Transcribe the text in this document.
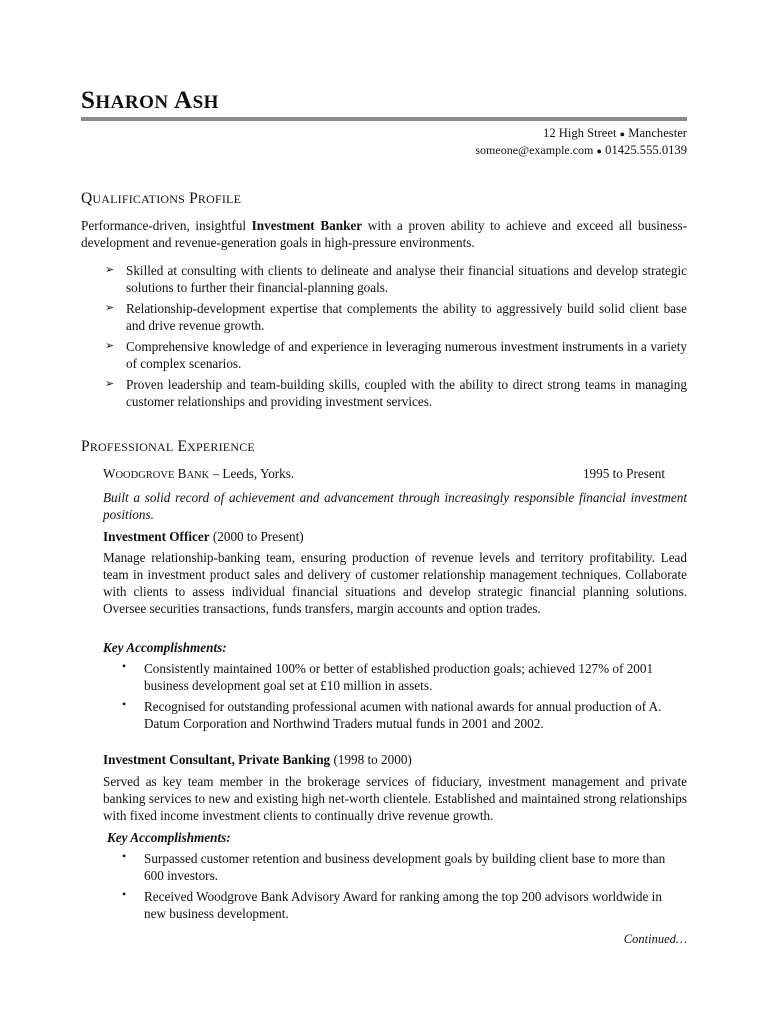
SHARON ASH
12 High Street ● Manchester
someone@example.com ● 01425.555.0139
QUALIFICATIONS PROFILE
Performance-driven, insightful Investment Banker with a proven ability to achieve and exceed all business-development and revenue-generation goals in high-pressure environments.
➢ Skilled at consulting with clients to delineate and analyse their financial situations and develop strategic solutions to further their financial-planning goals.
➢ Relationship-development expertise that complements the ability to aggressively build solid client base and drive revenue growth.
➢ Comprehensive knowledge of and experience in leveraging numerous investment instruments in a variety of complex scenarios.
➢ Proven leadership and team-building skills, coupled with the ability to direct strong teams in managing customer relationships and providing investment services.
PROFESSIONAL EXPERIENCE
WOODGROVE BANK – Leeds, Yorks.	1995 to Present
Built a solid record of achievement and advancement through increasingly responsible financial investment positions.
Investment Officer (2000 to Present)
Manage relationship-banking team, ensuring production of revenue levels and territory profitability. Lead team in investment product sales and delivery of customer relationship management techniques. Collaborate with clients to assess individual financial situations and develop strategic financial planning solutions. Oversee securities transactions, funds transfers, margin accounts and option trades.
Key Accomplishments:
• Consistently maintained 100% or better of established production goals; achieved 127% of 2001 business development goal set at £10 million in assets.
• Recognised for outstanding professional acumen with national awards for annual production of A. Datum Corporation and Northwind Traders mutual funds in 2001 and 2002.
Investment Consultant, Private Banking (1998 to 2000)
Served as key team member in the brokerage services of fiduciary, investment management and private banking services to new and existing high net-worth clientele. Established and maintained strong relationships with fixed income investment clients to continually drive revenue growth.
Key Accomplishments:
• Surpassed customer retention and business development goals by building client base to more than 600 investors.
• Received Woodgrove Bank Advisory Award for ranking among the top 200 advisors worldwide in new business development.
Continued…
